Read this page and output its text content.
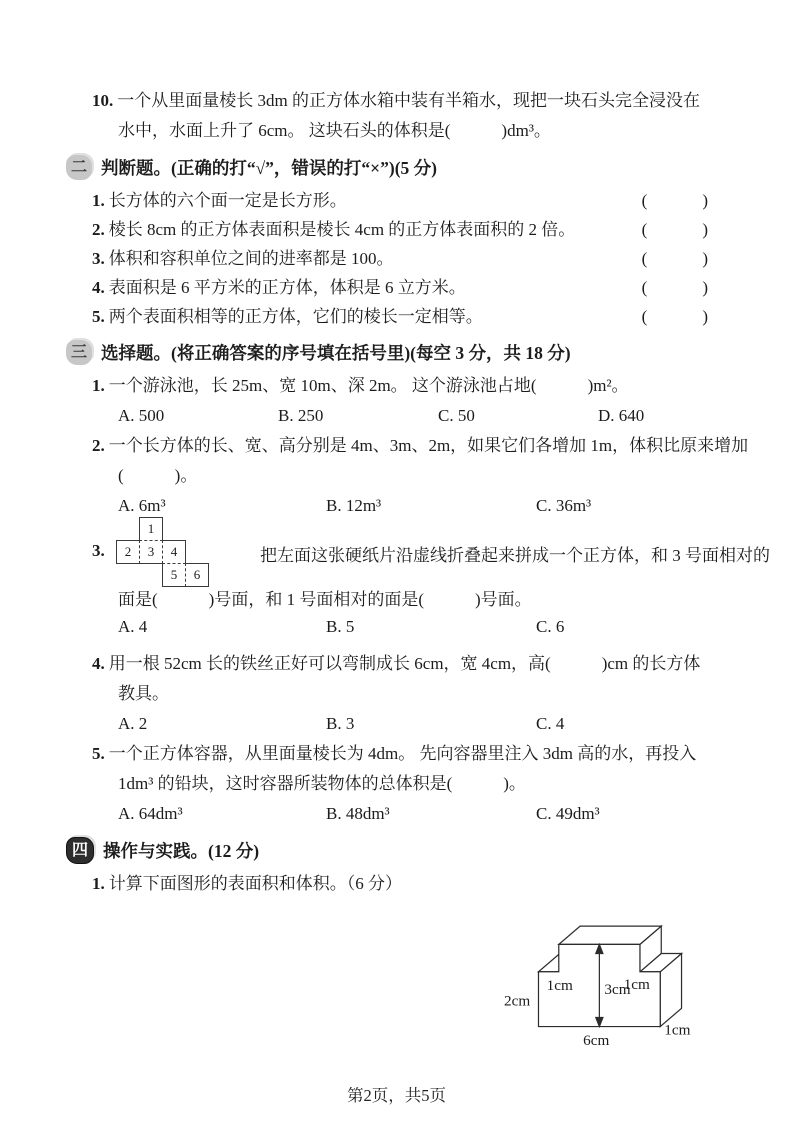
10. 一个从里面量棱长 3dm 的正方体水箱中装有半箱水，现把一块石头完全浸没在
水中，水面上升了 6cm。 这块石头的体积是(　　　)dm³。
二 判断题。(正确的打“√”，错误的打“×”)(5 分)
1. 长方体的六个面一定是长方形。	(　　　)
2. 棱长 8cm 的正方体表面积是棱长 4cm 的正方体表面积的 2 倍。	(　　　)
3. 体积和容积单位之间的进率都是 100。	(　　　)
4. 表面积是 6 平方米的正方体，体积是 6 立方米。	(　　　)
5. 两个表面积相等的正方体，它们的棱长一定相等。	(　　　)
三 选择题。(将正确答案的序号填在括号里)(每空 3 分，共 18 分)
1. 一个游泳池，长 25m、宽 10m、深 2m。 这个游泳池占地(　　　)m²。
A. 500	B. 250	C. 50	D. 640
2. 一个长方体的长、宽、高分别是 4m、3m、2m，如果它们各增加 1m，体积比原来增加
(　　　)。
A. 6m³	B. 12m³	C. 36m³
3.
1
2	3	4
5	6
把左面这张硬纸片沿虚线折叠起来拼成一个正方体，和 3 号面相对的
面是(　　　)号面，和 1 号面相对的面是(　　　)号面。
A. 4	B. 5	C. 6
4. 用一根 52cm 长的铁丝正好可以弯制成长 6cm，宽 4cm，高(　　　)cm 的长方体
教具。
A. 2	B. 3	C. 4
5. 一个正方体容器，从里面量棱长为 4dm。 先向容器里注入 3dm 高的水，再投入
1dm³ 的铅块，这时容器所装物体的总体积是(　　　)。
A. 64dm³	B. 48dm³	C. 49dm³
四 操作与实践。(12 分)
1. 计算下面图形的表面积和体积。（6 分）
2cm
1cm 3cm
1cm
6cm
1cm
第2页，共5页
